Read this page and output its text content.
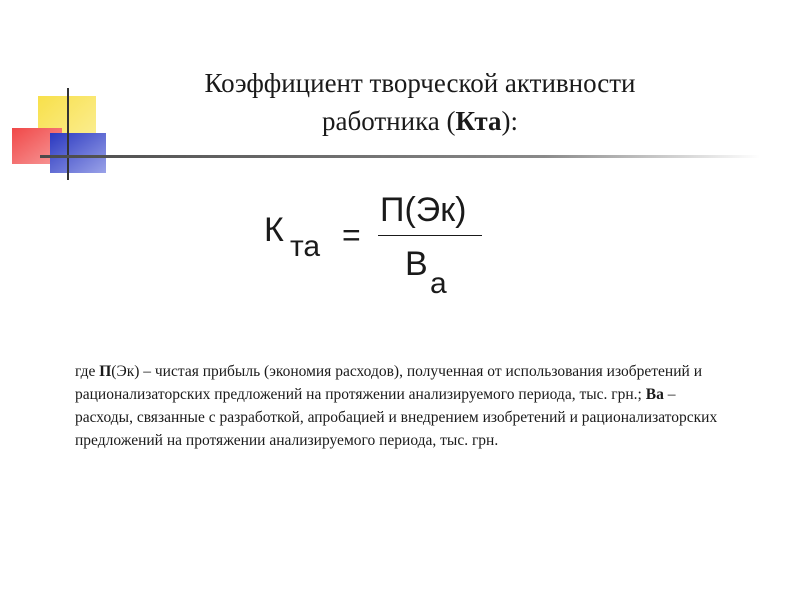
Коэффициент творческой активности
работника (Кта):
К та =
П(Эк)
В
а
где П(Эк) – чистая прибыль (экономия расходов), полученная от использования изобретений и рационализаторских предложений на протяжении анализируемого периода, тыс. грн.; Ва – расходы, связанные с разработкой, апробацией и внедрением изобретений и рационализаторских предложений на протяжении анализируемого периода, тыс. грн.
